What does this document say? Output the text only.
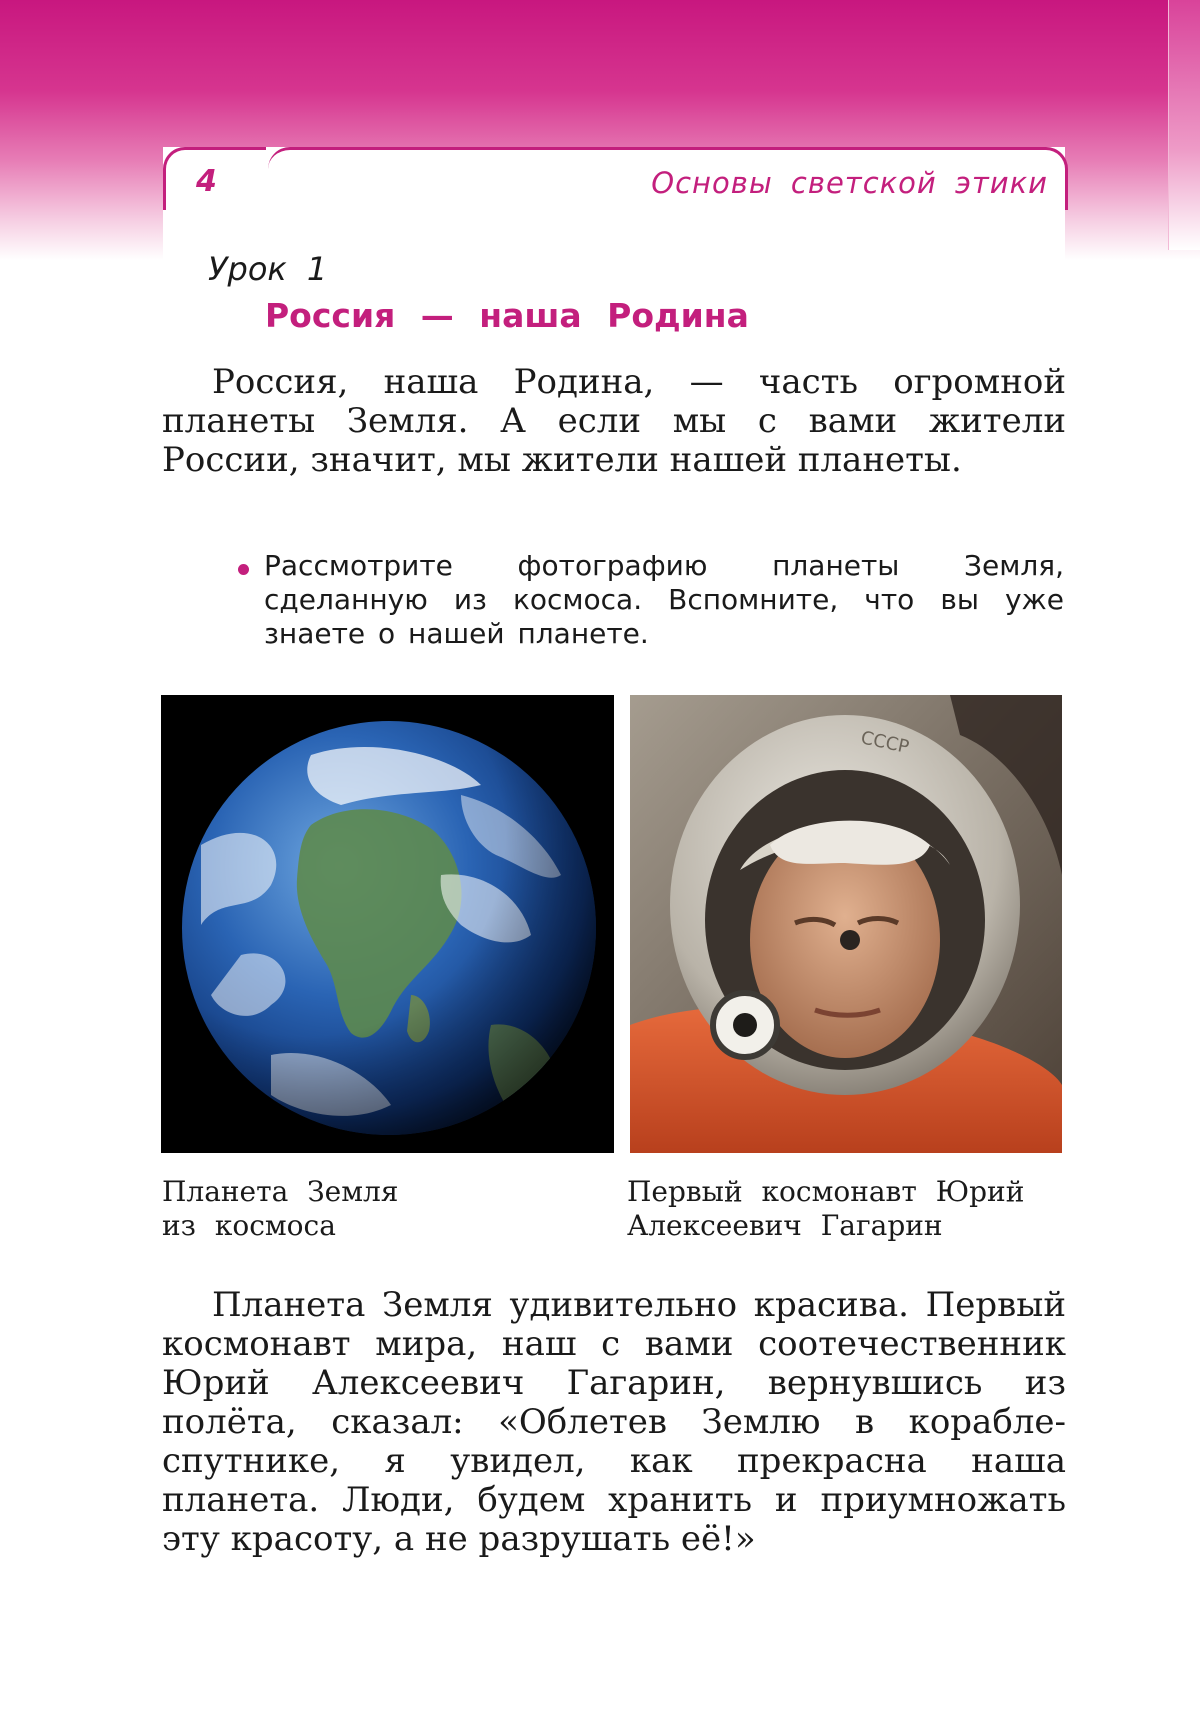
4	Основы светской этики
Урок 1
Россия — наша Родина

Россия, наша Родина, — часть огромной планеты Земля. А если мы с вами жители России, значит, мы жители нашей планеты.

Рассмотрите фотографию планеты Земля, сделанную из космоса. Вспомните, что вы уже знаете о нашей планете.

СССР
Планета Земля
из космоса
Первый космонавт Юрий
Алексеевич Гагарин

Планета Земля удивительно красива. Первый космонавт мира, наш с вами соотечественник Юрий Алексеевич Гагарин, вернувшись из полёта, сказал: «Облетев Землю в корабле-спутнике, я увидел, как прекрасна наша планета. Люди, будем хранить и приумножать эту красоту, а не разрушать её!»
